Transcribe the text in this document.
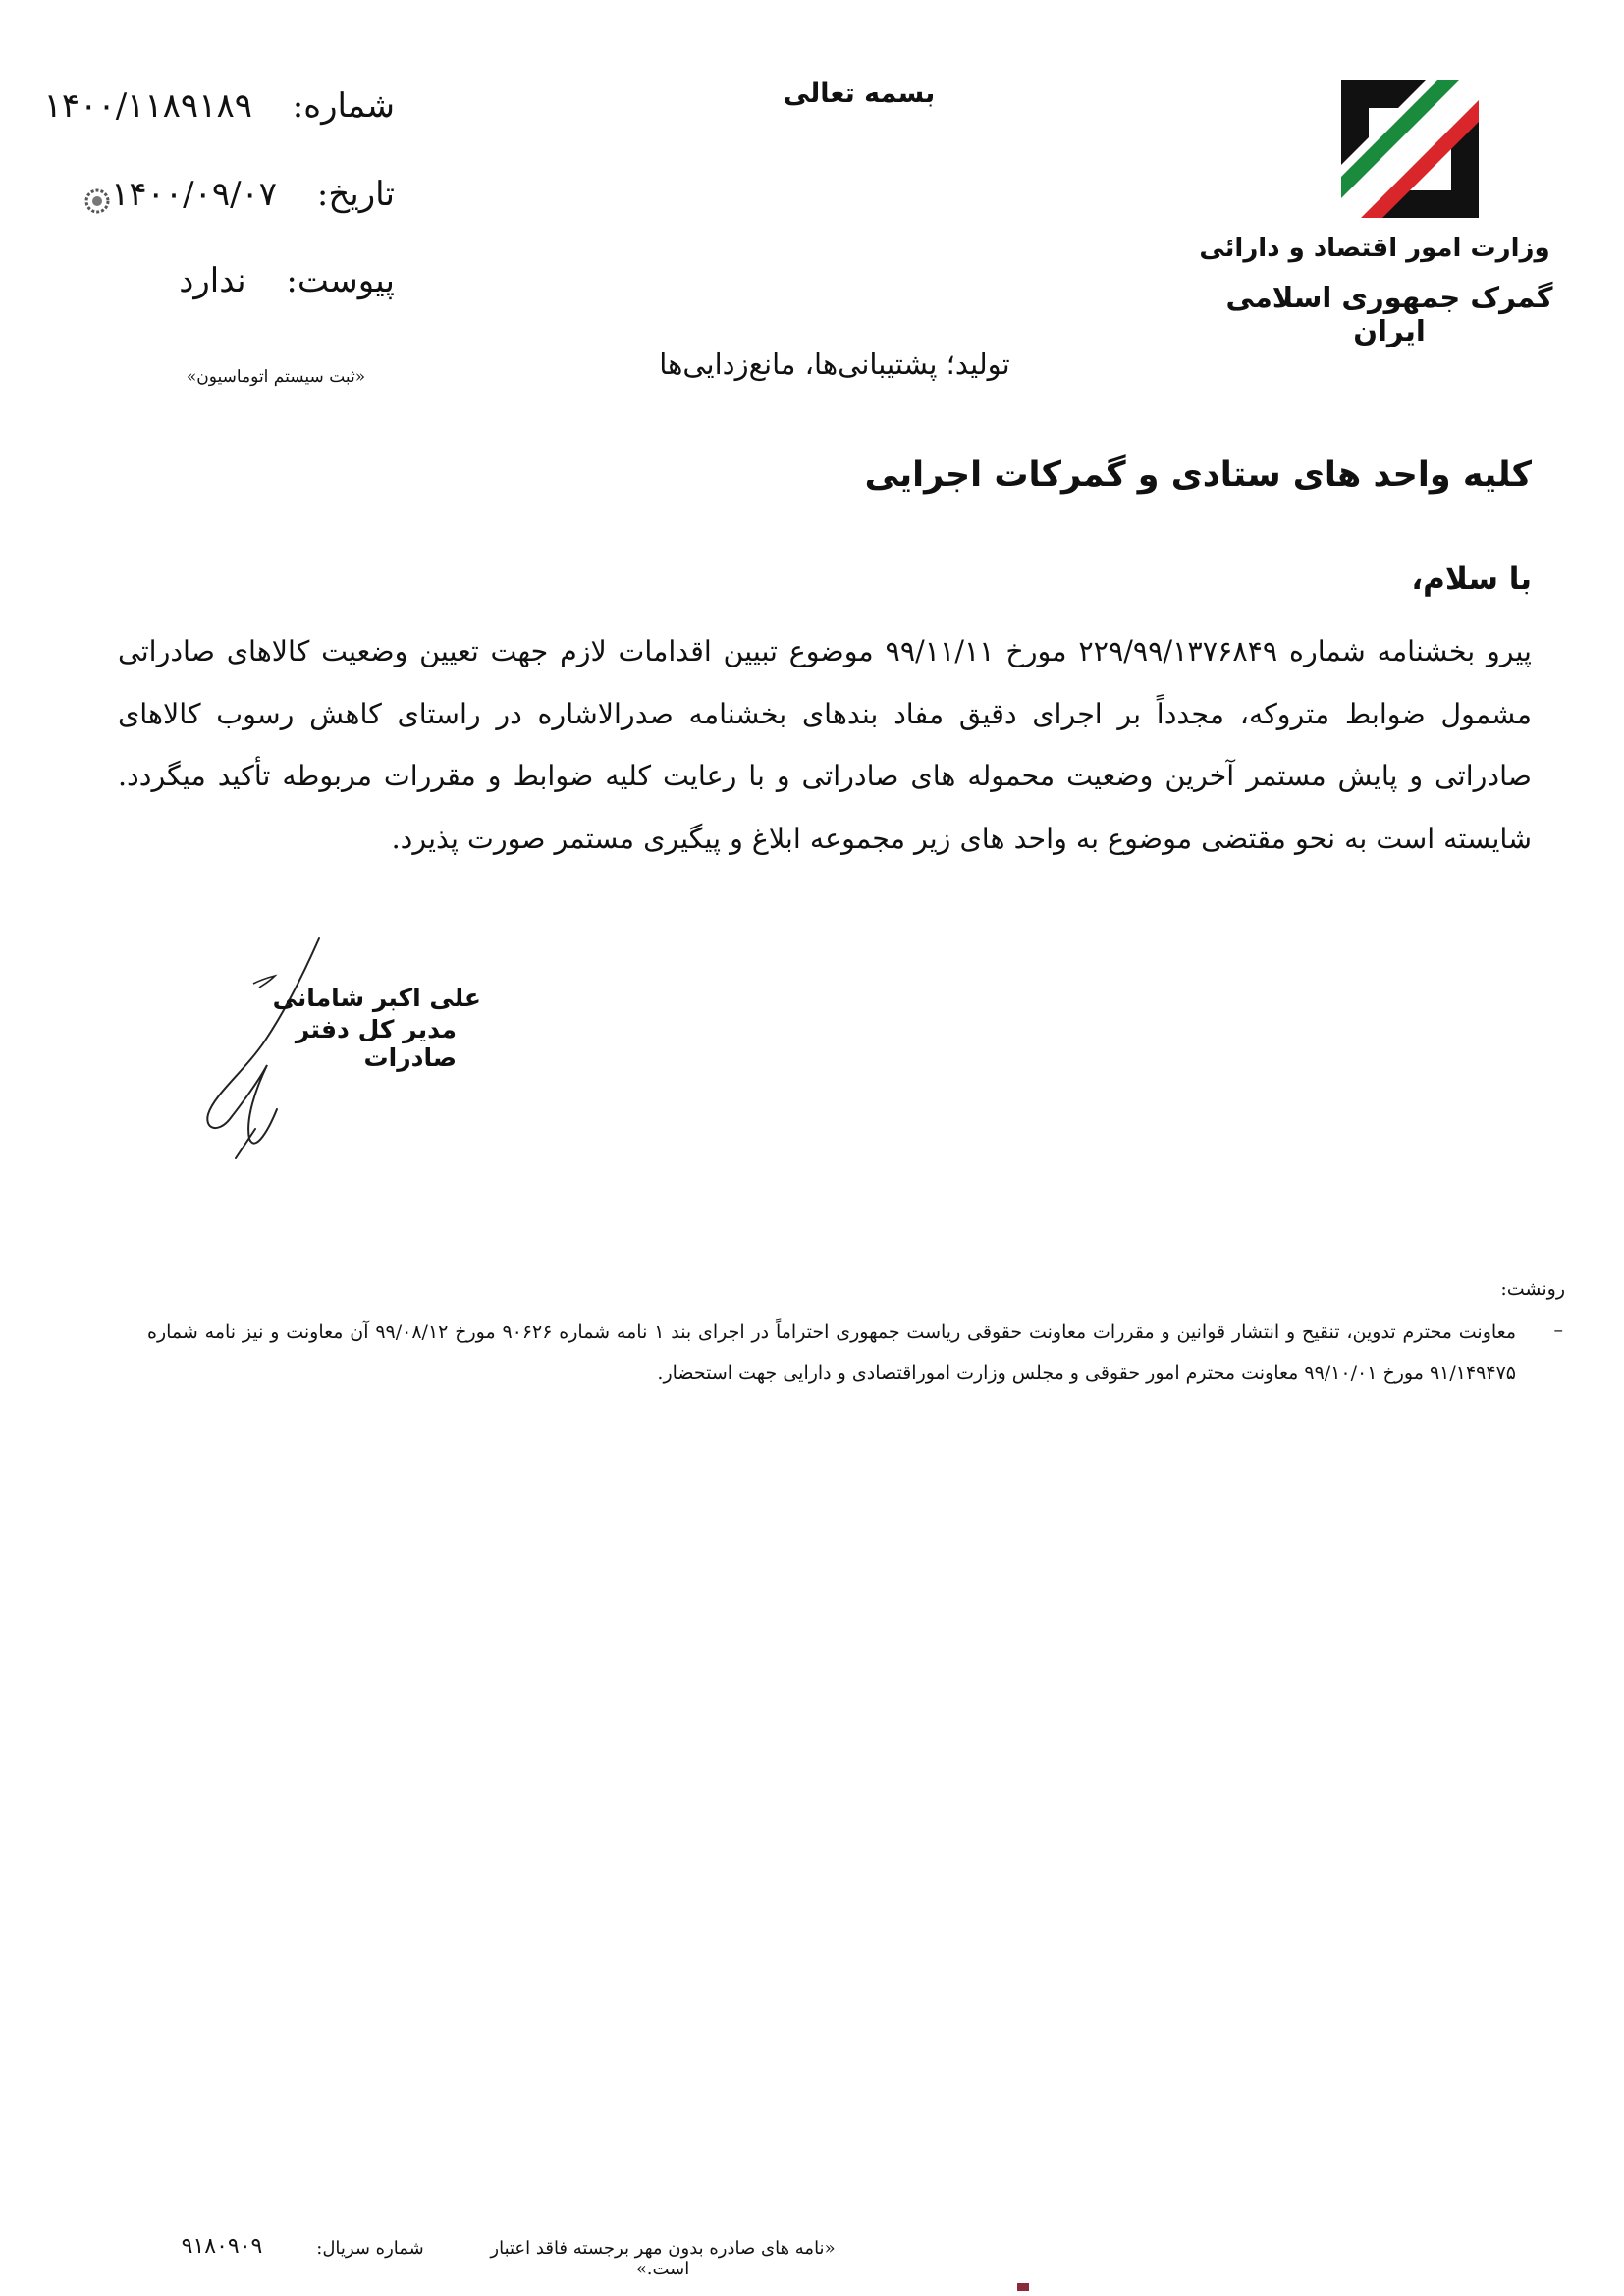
بسمه تعالی
وزارت امور اقتصاد و دارائی
گمرک جمهوری اسلامی ایران
شماره: ۱۴۰۰/۱۱۸۹۱۸۹
تاریخ: ۱۴۰۰/۰۹/۰۷
پیوست: ندارد
«ثبت سیستم اتوماسیون»	تولید؛ پشتیبانی‌ها، مانع‌زدایی‌ها
کلیه واحد های ستادی و گمرکات اجرایی
با سلام،
پیرو بخشنامه شماره ۲۲۹/۹۹/۱۳۷۶۸۴۹ مورخ ۹۹/۱۱/۱۱ موضوع تبیین اقدامات لازم جهت تعیین وضعیت کالاهای صادراتی مشمول ضوابط متروکه، مجدداً بر اجرای دقیق مفاد بندهای بخشنامه صدرالاشاره در راستای کاهش رسوب کالاهای صادراتی و پایش مستمر آخرین وضعیت محموله های صادراتی و با رعایت کلیه ضوابط و مقررات مربوطه تأکید میگردد. شایسته است به نحو مقتضی موضوع به واحد های زیر مجموعه ابلاغ و پیگیری مستمر صورت پذیرد.
علی اکبر شامانی
مدیر کل دفتر صادرات
رونشت:
–
معاونت محترم تدوین، تنقیح و انتشار قوانین و مقررات معاونت حقوقی ریاست جمهوری احتراماً در اجرای بند ۱ نامه شماره ۹۰۶۲۶ مورخ ۹۹/۰۸/۱۲ آن معاونت و نیز نامه شماره ۹۱/۱۴۹۴۷۵ مورخ ۹۹/۱۰/۰۱ معاونت محترم امور حقوقی و مجلس وزارت اموراقتصادی و دارایی جهت استحضار.
«نامه های صادره بدون مهر برجسته فاقد اعتبار است.»
شماره سریال:
۹۱۸۰۹۰۹
